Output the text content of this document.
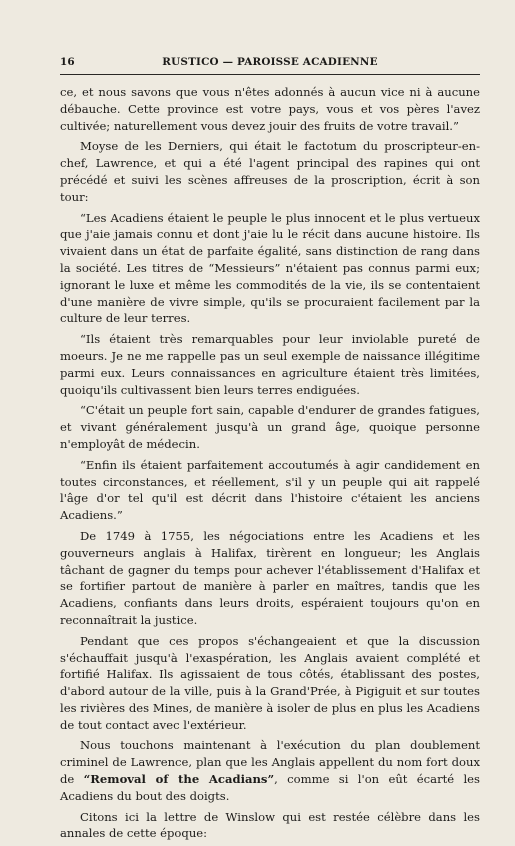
16	RUSTICO — PAROISSE ACADIENNE

ce, et nous savons que vous n'êtes adonnés à aucun vice ni à aucune débauche. Cette province est votre pays, vous et vos pères l'avez cultivée; naturellement vous devez jouir des fruits de votre travail.”

Moyse de les Derniers, qui était le factotum du proscripteur-en-chef, Lawrence, et qui a été l'agent principal des rapines qui ont précédé et suivi les scènes affreuses de la proscription, écrit à son tour:

“Les Acadiens étaient le peuple le plus innocent et le plus vertueux que j'aie jamais connu et dont j'aie lu le récit dans aucune histoire. Ils vivaient dans un état de parfaite égalité, sans distinction de rang dans la société. Les titres de “Messieurs” n'étaient pas connus parmi eux; ignorant le luxe et même les commodités de la vie, ils se contentaient d'une manière de vivre simple, qu'ils se procuraient facilement par la culture de leur terres.

“Ils étaient très remarquables pour leur inviolable pureté de moeurs. Je ne me rappelle pas un seul exemple de naissance illégitime parmi eux. Leurs connaissances en agriculture étaient très limitées, quoiqu'ils cultivassent bien leurs terres endiguées.

“C'était un peuple fort sain, capable d'endurer de grandes fatigues, et vivant généralement jusqu'à un grand âge, quoique personne n'employât de médecin.

“Enfin ils étaient parfaitement accoutumés à agir candidement en toutes circonstances, et réellement, s'il y un peuple qui ait rappelé l'âge d'or tel qu'il est décrit dans l'histoire c'étaient les anciens Acadiens.”

De 1749 à 1755, les négociations entre les Acadiens et les gouverneurs anglais à Halifax, tirèrent en longueur; les Anglais tâchant de gagner du temps pour achever l'établissement d'Halifax et se fortifier partout de manière à parler en maîtres, tandis que les Acadiens, confiants dans leurs droits, espéraient toujours qu'on en reconnaîtrait la justice.

Pendant que ces propos s'échangeaient et que la discussion s'échauffait jusqu'à l'exaspération, les Anglais avaient complété et fortifié Halifax. Ils agissaient de tous côtés, établissant des postes, d'abord autour de la ville, puis à la Grand'Prée, à Pigiguit et sur toutes les rivières des Mines, de manière à isoler de plus en plus les Acadiens de tout contact avec l'extérieur.

Nous touchons maintenant à l'exécution du plan doublement criminel de Lawrence, plan que les Anglais appellent du nom fort doux de “Removal of the Acadians”, comme si l'on eût écarté les Acadiens du bout des doigts.

Citons ici la lettre de Winslow qui est restée célèbre dans les annales de cette époque:
